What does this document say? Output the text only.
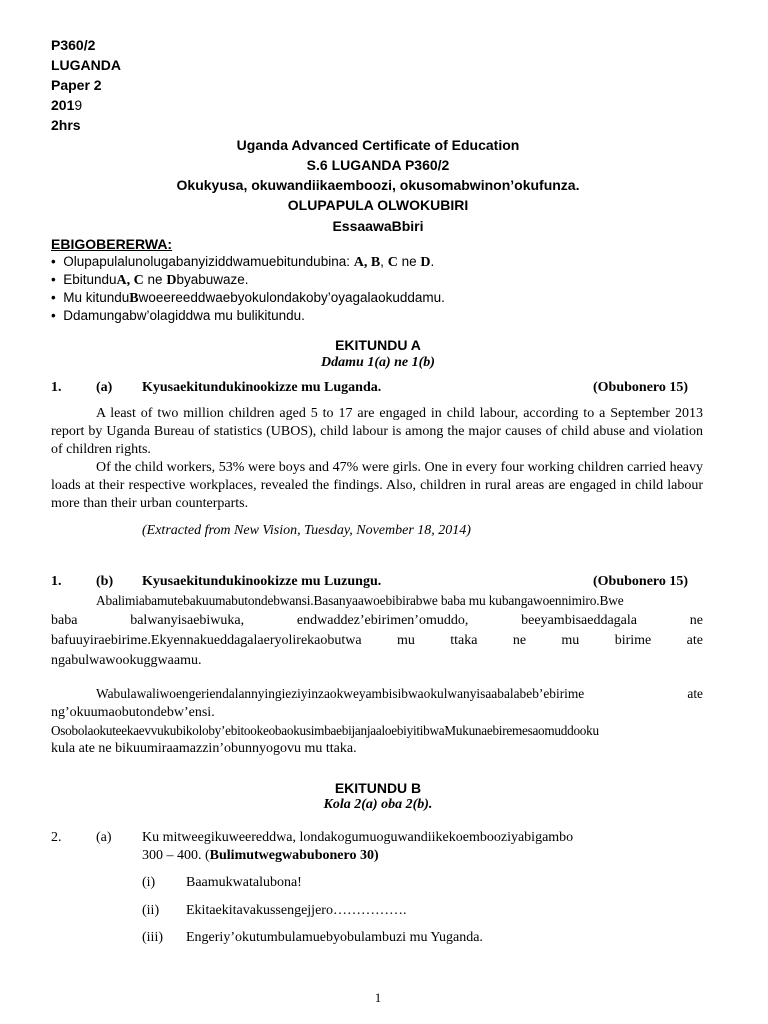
P360/2
LUGANDA
Paper 2
2019
2hrs
Uganda Advanced Certificate of Education
S.6 LUGANDA P360/2
Okukyusa, okuwandiikaemboozi, okusomabwinon’okufunza.
OLUPAPULA OLWOKUBIRI
EssaawaBbiri
EBIGOBERERWA:
• Olupapulalunolugabanyiziddwamuebitundubina: A, B, C ne D.
• EbitunduA, C ne Dbyabuwaze.
• Mu kitunduBwoeereeddwaebyokulondakoby’oyagalaokuddamu.
• Ddamungabw’olagiddwa mu bulikitundu.
EKITUNDU A
Ddamu 1(a) ne 1(b)
1. (a) Kyusaekitundukinookizze mu Luganda.	(Obubonero 15)

A least of two million children aged 5 to 17 are engaged in child labour, according to a September 2013 report by Uganda Bureau of statistics (UBOS), child labour is among the major causes of child abuse and violation of children rights.

Of the child workers, 53% were boys and 47% were girls. One in every four working children carried heavy loads at their respective workplaces, revealed the findings. Also, children in rural areas are engaged in child labour more than their urban counterparts.

(Extracted from New Vision, Tuesday, November 18, 2014)
1. (b) Kyusaekitundukinookizze mu Luzungu.	(Obubonero 15)
Abalimiabamutebakuumabutondebwansi.Basanyaawoebibirabwe baba mu kubangawoennimiro.Bwe
baba	balwanyisaebiwuka,	endwaddez’ebirimen’omuddo,	beeyambisaeddagala	ne
bafuuyiraebirime.Ekyennakueddagalaeryolirekaobutwa	mu	ttaka	ne	mu	birime	ate
ngabulwawookuggwaamu.
Wabulawaliwoengeriendalannyingieziyinzaokweyambisibwaokulwanyisaabalabeb’ebirime	ate
ng’okuumaobutondebw’ensi.
Osobolaokuteekaevvukubikoloby’ebitookeobaokusimbaebijanjaaloebiyitibwaMukunaebiremesaomuddooku
kula ate ne bikuumiraamazzin’obunnyogovu mu ttaka.
EKITUNDU B
Kola 2(a) oba 2(b).
2. (a) Ku mitweegikuweereddwa, londakogumuoguwandiikekoemboozi​yabigambo
300 – 400. (Bulimutwegwabubonero 30)
(i) Baamukwatalubona!
(ii) Ekitaekitavakussengejjero…………….
(iii) Engeriy’okutumbulamuebyobulambuzi mu Yuganda.
1
